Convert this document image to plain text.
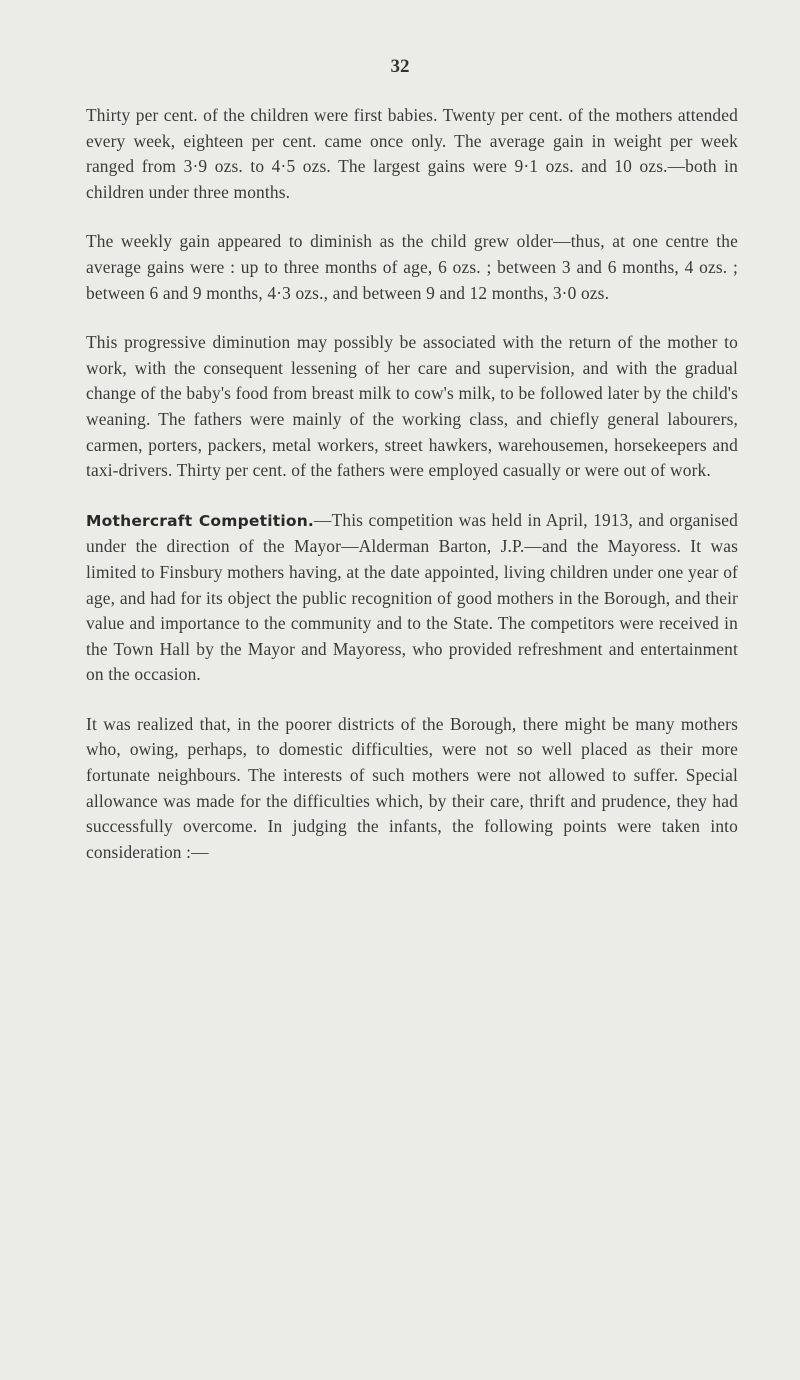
32

Thirty per cent. of the children were first babies. Twenty per cent. of the mothers attended every week, eighteen per cent. came once only. The average gain in weight per week ranged from 3·9 ozs. to 4·5 ozs. The largest gains were 9·1 ozs. and 10 ozs.—both in children under three months.

The weekly gain appeared to diminish as the child grew older—thus, at one centre the average gains were : up to three months of age, 6 ozs. ; between 3 and 6 months, 4 ozs. ; between 6 and 9 months, 4·3 ozs., and between 9 and 12 months, 3·0 ozs.

This progressive diminution may possibly be associated with the return of the mother to work, with the consequent lessening of her care and supervision, and with the gradual change of the baby's food from breast milk to cow's milk, to be followed later by the child's weaning. The fathers were mainly of the working class, and chiefly general labourers, carmen, porters, packers, metal workers, street hawkers, warehousemen, horsekeepers and taxi-drivers. Thirty per cent. of the fathers were employed casually or were out of work.

Mothercraft Competition.—This competition was held in April, 1913, and organised under the direction of the Mayor—Alderman Barton, J.P.—and the Mayoress. It was limited to Finsbury mothers having, at the date appointed, living children under one year of age, and had for its object the public recognition of good mothers in the Borough, and their value and importance to the community and to the State. The competitors were received in the Town Hall by the Mayor and Mayoress, who provided refreshment and entertainment on the occasion.

It was realized that, in the poorer districts of the Borough, there might be many mothers who, owing, perhaps, to domestic difficulties, were not so well placed as their more fortunate neighbours. The interests of such mothers were not allowed to suffer. Special allowance was made for the difficulties which, by their care, thrift and prudence, they had successfully overcome. In judging the infants, the following points were taken into consideration :—
